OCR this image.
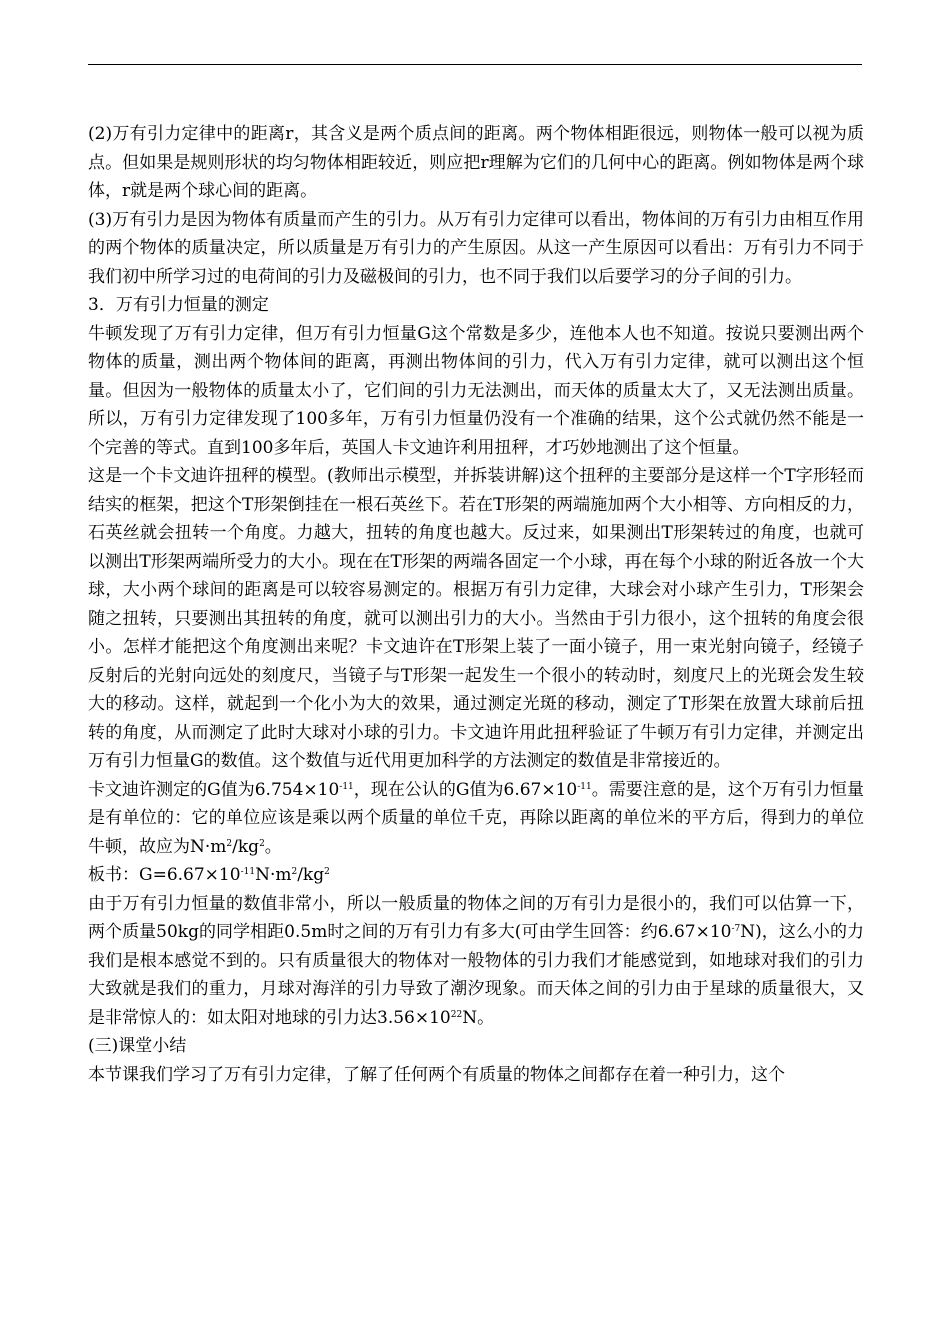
(2)万有引力定律中的距离r，其含义是两个质点间的距离。两个物体相距很远，则物体一般可以视为质点。但如果是规则形状的均匀物体相距较近，则应把r理解为它们的几何中心的距离。例如物体是两个球体，r就是两个球心间的距离。

(3)万有引力是因为物体有质量而产生的引力。从万有引力定律可以看出，物体间的万有引力由相互作用的两个物体的质量决定，所以质量是万有引力的产生原因。从这一产生原因可以看出：万有引力不同于我们初中所学习过的电荷间的引力及磁极间的引力，也不同于我们以后要学习的分子间的引力。

3．万有引力恒量的测定

牛顿发现了万有引力定律，但万有引力恒量G这个常数是多少，连他本人也不知道。按说只要测出两个物体的质量，测出两个物体间的距离，再测出物体间的引力，代入万有引力定律，就可以测出这个恒量。但因为一般物体的质量太小了，它们间的引力无法测出，而天体的质量太大了，又无法测出质量。所以，万有引力定律发现了100多年，万有引力恒量仍没有一个准确的结果，这个公式就仍然不能是一个完善的等式。直到100多年后，英国人卡文迪许利用扭秤，才巧妙地测出了这个恒量。

这是一个卡文迪许扭秤的模型。(教师出示模型，并拆装讲解)这个扭秤的主要部分是这样一个T字形轻而结实的框架，把这个T形架倒挂在一根石英丝下。若在T形架的两端施加两个大小相等、方向相反的力，石英丝就会扭转一个角度。力越大，扭转的角度也越大。反过来，如果测出T形架转过的角度，也就可以测出T形架两端所受力的大小。现在在T形架的两端各固定一个小球，再在每个小球的附近各放一个大球，大小两个球间的距离是可以较容易测定的。根据万有引力定律，大球会对小球产生引力，T形架会随之扭转，只要测出其扭转的角度，就可以测出引力的大小。当然由于引力很小，这个扭转的角度会很小。怎样才能把这个角度测出来呢？卡文迪许在T形架上装了一面小镜子，用一束光射向镜子，经镜子反射后的光射向远处的刻度尺，当镜子与T形架一起发生一个很小的转动时，刻度尺上的光斑会发生较大的移动。这样，就起到一个化小为大的效果，通过测定光斑的移动，测定了T形架在放置大球前后扭转的角度，从而测定了此时大球对小球的引力。卡文迪许用此扭秤验证了牛顿万有引力定律，并测定出万有引力恒量G的数值。这个数值与近代用更加科学的方法测定的数值是非常接近的。

卡文迪许测定的G值为$6.754\times 10^{-11}$，现在公认的G值为$6.67\times 10^{-11}$。需要注意的是，这个万有引力恒量是有单位的：它的单位应该是乘以两个质量的单位千克，再除以距离的单位米的平方后，得到力的单位牛顿，故应为$N\cdot m^2/kg^2$。

板书：$G=6.67\times 10^{-11}N\cdot m^2/kg^2$

由于万有引力恒量的数值非常小，所以一般质量的物体之间的万有引力是很小的，我们可以估算一下，两个质量50kg的同学相距0.5m时之间的万有引力有多大(可由学生回答：约$6.67\times 10^{-7}N$)，这么小的力我们是根本感觉不到的。只有质量很大的物体对一般物体的引力我们才能感觉到，如地球对我们的引力大致就是我们的重力，月球对海洋的引力导致了潮汐现象。而天体之间的引力由于星球的质量很大，又是非常惊人的：如太阳对地球的引力达$3.56\times 10^{22}N$。

(三)课堂小结

本节课我们学习了万有引力定律，了解了任何两个有质量的物体之间都存在着一种引力，这个
